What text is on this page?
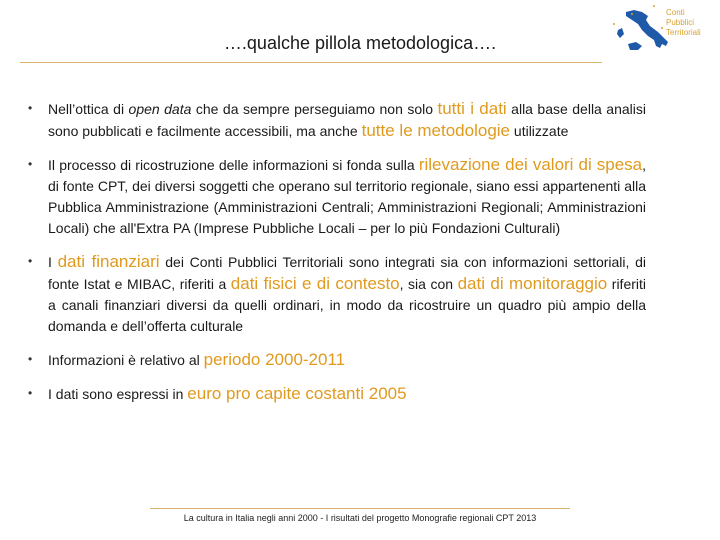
….qualche pillola metodologica….
Conti
Pubblici
Territoriali
• Nell’ottica di open data che da sempre perseguiamo non solo tutti i dati alla base della analisi sono pubblicati e facilmente accessibili, ma anche tutte le metodologie utilizzate
• Il processo di ricostruzione delle informazioni si fonda sulla rilevazione dei valori di spesa, di fonte CPT, dei diversi soggetti che operano sul territorio regionale, siano essi appartenenti alla Pubblica Amministrazione (Amministrazioni Centrali; Amministrazioni Regionali; Amministrazioni Locali) che all'Extra PA (Imprese Pubbliche Locali – per lo più Fondazioni Culturali)
• I dati finanziari dei Conti Pubblici Territoriali sono integrati sia con informazioni settoriali, di fonte Istat e MIBAC, riferiti a dati fisici e di contesto, sia con dati di monitoraggio riferiti a canali finanziari diversi da quelli ordinari, in modo da ricostruire un quadro più ampio della domanda e dell’offerta culturale
• Informazioni è relativo al periodo 2000-2011
• I dati sono espressi in euro pro capite costanti 2005
La cultura in Italia negli anni 2000 - I risultati del progetto Monografie regionali CPT 2013
